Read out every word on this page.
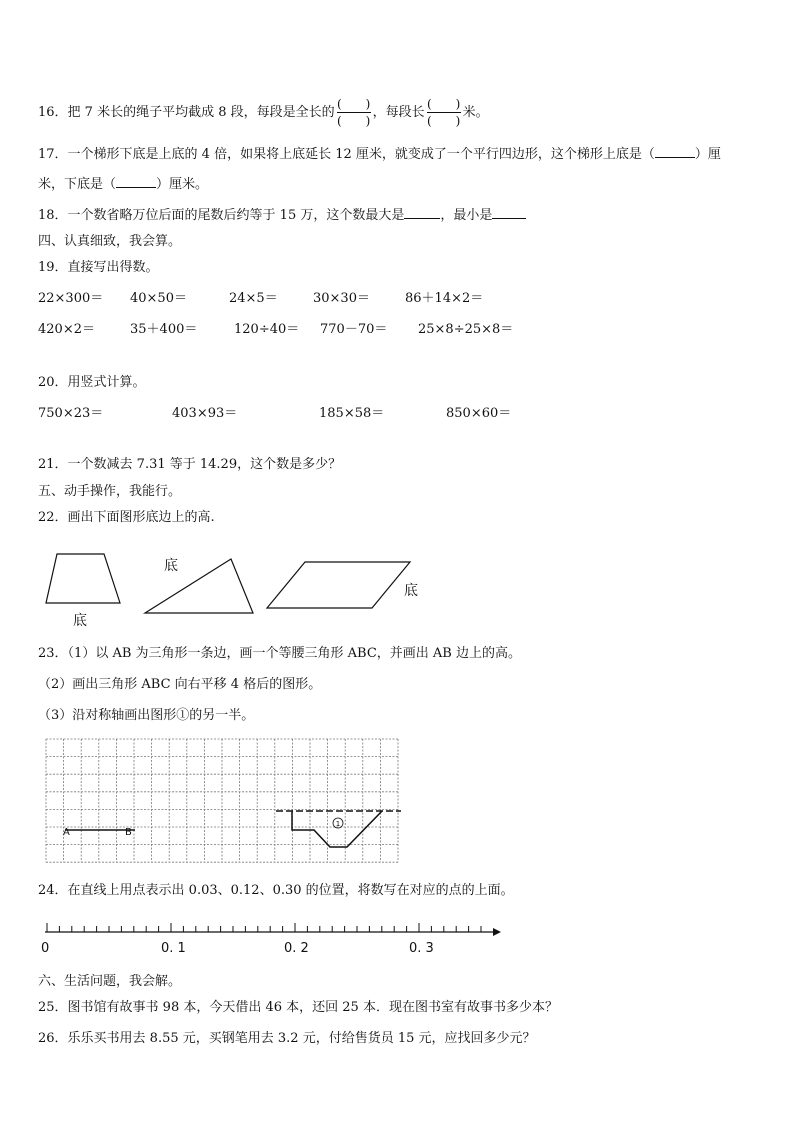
16．把 7 米长的绳子平均截成 8 段，每段是全长的 $\frac{( )}{( )}$ ，每段长 $\frac{( )}{( )}$ 米。
17．一个梯形下底是上底的 4 倍，如果将上底延长 12 厘米，就变成了一个平行四边形，这个梯形上底是（	）厘
米，下底是（	）厘米。
18．一个数省略万位后面的尾数后约等于 15 万，这个数最大是	，最小是
四、认真细致，我会算。
19．直接写出得数。
22×300＝ 40×50＝	24×5＝	30×30＝	86＋14×2＝
420×2＝	35＋400＝	120÷40＝ 770－70＝ 25×8÷25×8＝
20．用竖式计算。
750×23＝	403×93＝	185×58＝	850×60＝
21．一个数减去 7.31 等于 14.29，这个数是多少？
五、动手操作，我能行。
22．画出下面图形底边上的高.
底
底
底
23．（1）以 AB 为三角形一条边，画一个等腰三角形 ABC，并画出 AB 边上的高。
（2）画出三角形 ABC 向右平移 4 格后的图形。
（3）沿对称轴画出图形①的另一半。
1
A	B
24．在直线上用点表示出 0.03、0.12、0.30 的位置，将数写在对应的点的上面。
0	0. 1	0. 2	0. 3
六、生活问题，我会解。
25．图书馆有故事书 98 本，今天借出 46 本，还回 25 本．现在图书室有故事书多少本？
26．乐乐买书用去 8.55 元，买钢笔用去 3.2 元，付给售货员 15 元，应找回多少元？
